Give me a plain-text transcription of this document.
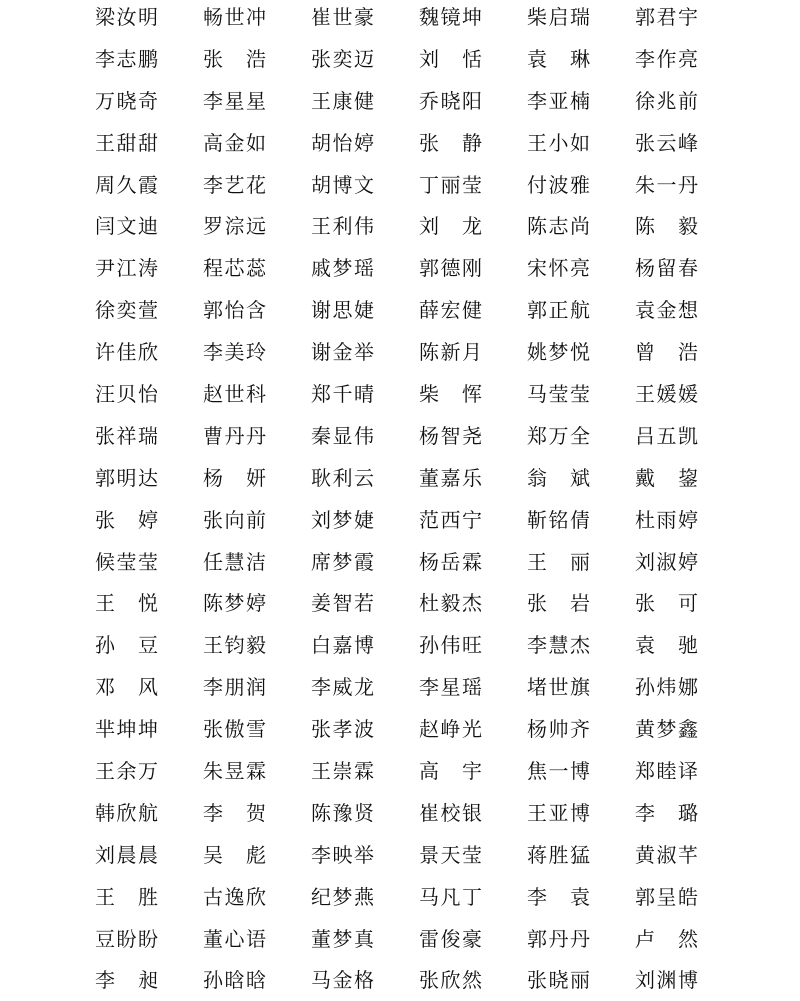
梁汝明 畅世冲 崔世豪 魏镜坤 柴启瑞 郭君宇
李志鹏 张　浩 张奕迈 刘　恬 袁　琳 李作亮
万晓奇 李星星 王康健 乔晓阳 李亚楠 徐兆前
王甜甜 高金如 胡怡婷 张　静 王小如 张云峰
周久霞 李艺花 胡博文 丁丽莹 付波雅 朱一丹
闫文迪 罗淙远 王利伟 刘　龙 陈志尚 陈　毅
尹江涛 程芯蕊 戚梦瑶 郭德刚 宋怀亮 杨留春
徐奕萱 郭怡含 谢思婕 薛宏健 郭正航 袁金想
许佳欣 李美玲 谢金举 陈新月 姚梦悦 曾　浩
汪贝怡 赵世科 郑千晴 柴　恽 马莹莹 王媛媛
张祥瑞 曹丹丹 秦显伟 杨智尧 郑万全 吕五凯
郭明达 杨　妍 耿利云 董嘉乐 翁　斌 戴　鋆
张　婷 张向前 刘梦婕 范西宁 靳铭倩 杜雨婷
候莹莹 任慧洁 席梦霞 杨岳霖 王　丽 刘淑婷
王　悦 陈梦婷 姜智若 杜毅杰 张　岩 张　可
孙　豆 王钧毅 白嘉博 孙伟旺 李慧杰 袁　驰
邓　风 李朋润 李威龙 李星瑶 堵世旗 孙炜娜
芈坤坤 张傲雪 张孝波 赵峥光 杨帅齐 黄梦鑫
王余万 朱昱霖 王崇霖 高　宇 焦一博 郑睦译
韩欣航 李　贺 陈豫贤 崔校银 王亚博 李　璐
刘晨晨 吴　彪 李映举 景天莹 蒋胜猛 黄淑芊
王　胜 古逸欣 纪梦燕 马凡丁 李　袁 郭呈皓
豆盼盼 董心语 董梦真 雷俊豪 郭丹丹 卢　然
李　昶 孙晗晗 马金格 张欣然 张晓丽 刘渊博
